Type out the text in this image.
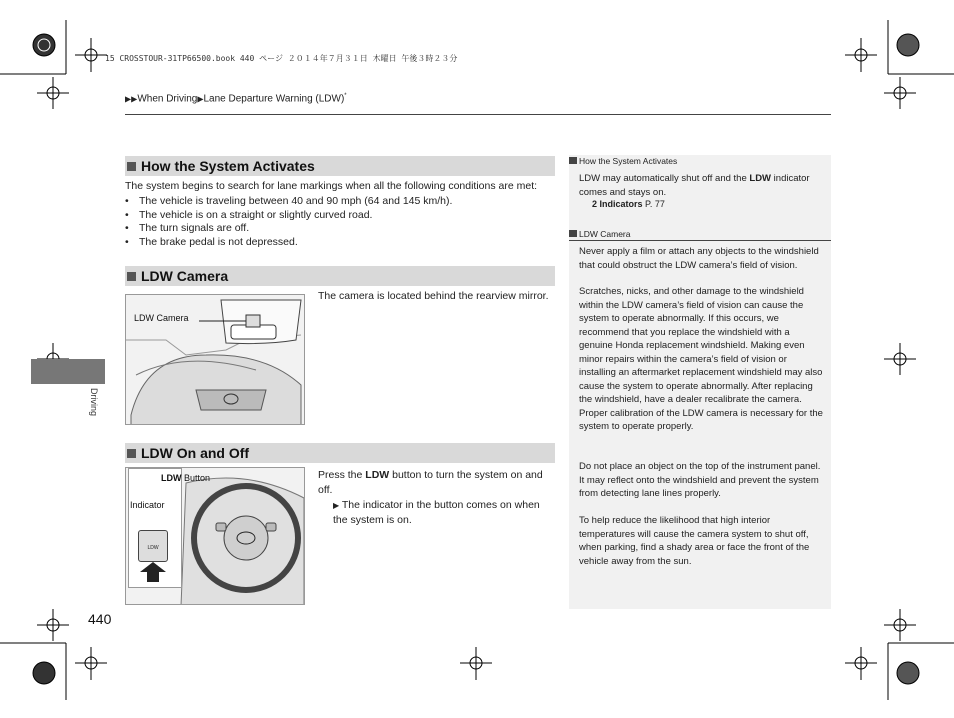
15 CROSSTOUR-31TP66500.book 440 ページ ２０１４年７月３１日 木曜日 午後３時２３分
▶▶When Driving▶Lane Departure Warning (LDW)*
How the System Activates
The system begins to search for lane markings when all the following conditions are met:
• The vehicle is traveling between 40 and 90 mph (64 and 145 km/h).
• The vehicle is on a straight or slightly curved road.
• The turn signals are off.
• The brake pedal is not depressed.
LDW Camera
LDW Camera
The camera is located behind the rearview mirror.
LDW On and Off
LDW
LDW Button
Indicator
Press the LDW button to turn the system on and off.
▶ The indicator in the button comes on when the system is on.
How the System Activates
LDW may automatically shut off and the LDW indicator comes and stays on.
2 Indicators P. 77
LDW Camera
Never apply a film or attach any objects to the windshield that could obstruct the LDW camera’s field of vision.
Scratches, nicks, and other damage to the windshield within the LDW camera’s field of vision can cause the system to operate abnormally. If this occurs, we recommend that you replace the windshield with a genuine Honda replacement windshield. Making even minor repairs within the camera’s field of vision or installing an aftermarket replacement windshield may also cause the system to operate abnormally. After replacing the windshield, have a dealer recalibrate the camera. Proper calibration of the LDW camera is necessary for the system to operate properly.
Do not place an object on the top of the instrument panel. It may reflect onto the windshield and prevent the system from detecting lane lines properly.
To help reduce the likelihood that high interior temperatures will cause the camera system to shut off, when parking, find a shady area or face the front of the vehicle away from the sun.
Driving
440
